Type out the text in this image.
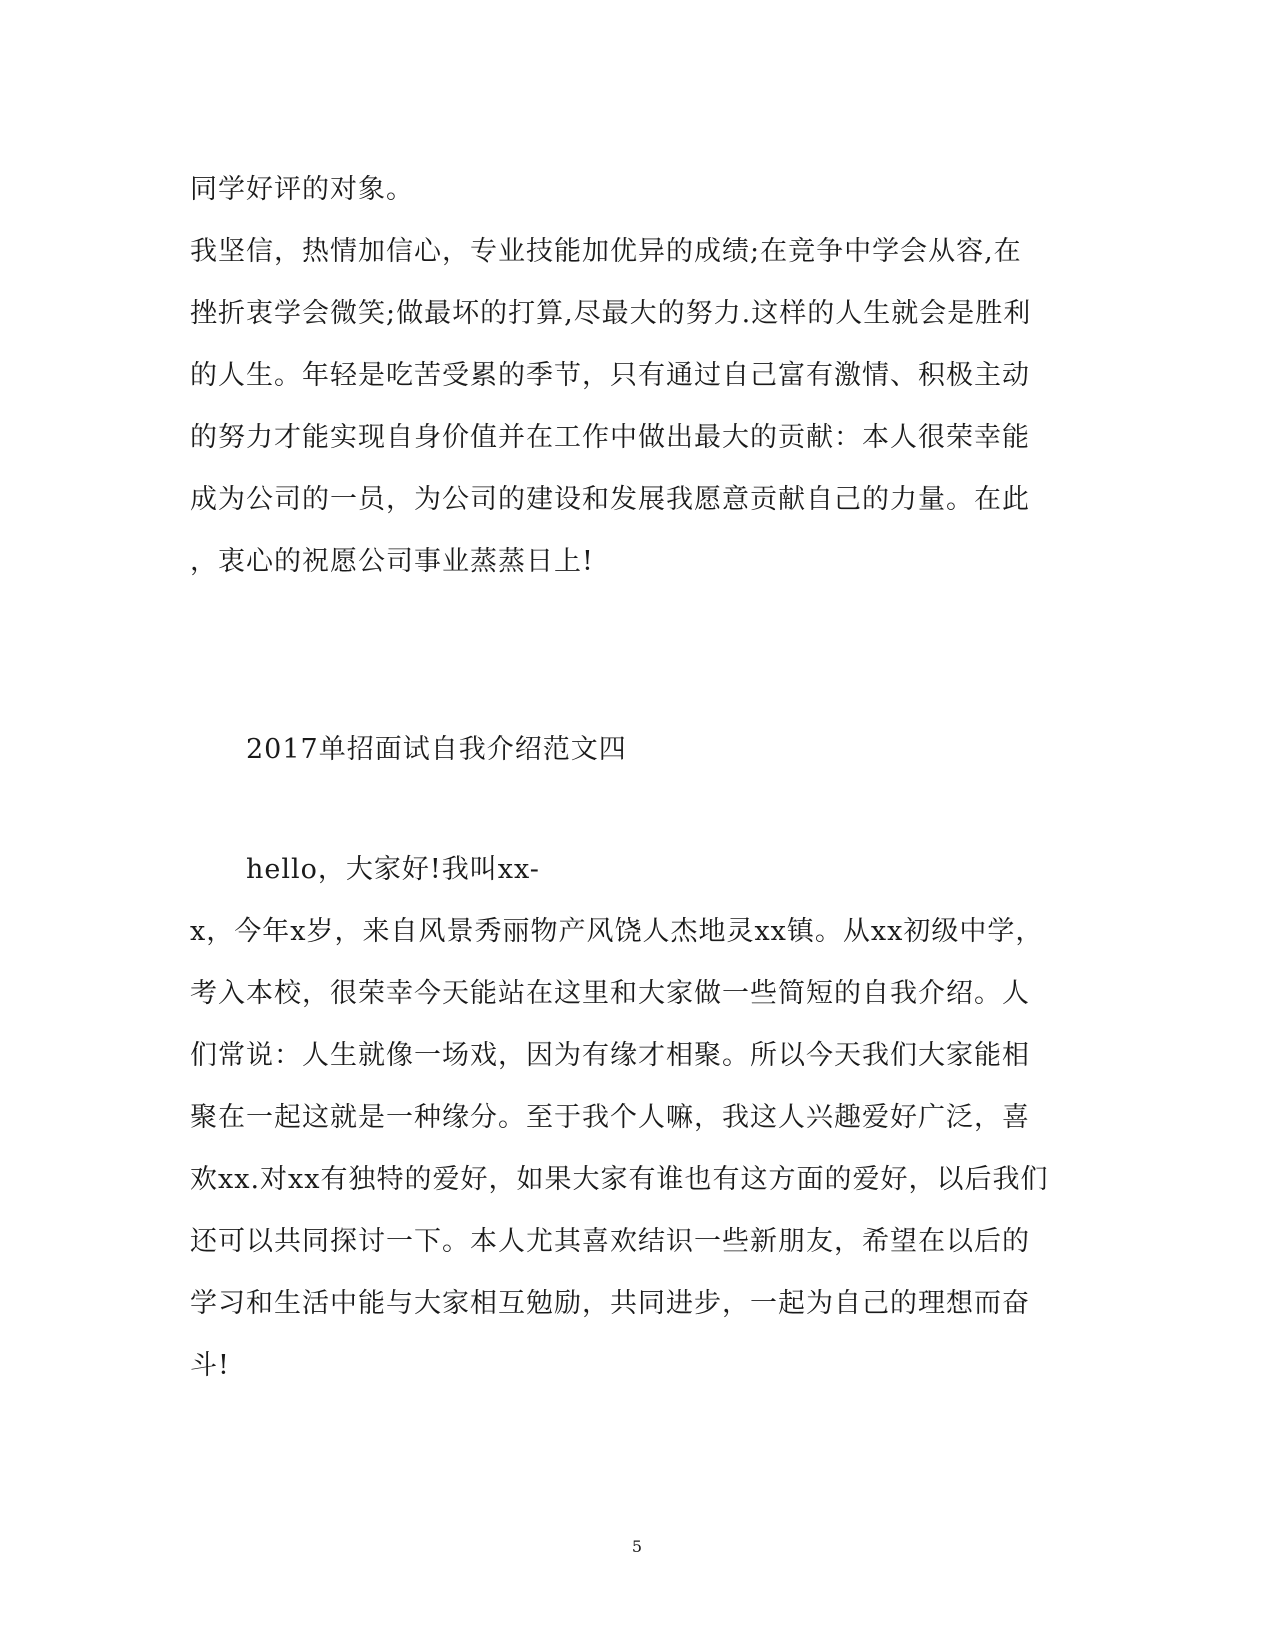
同学好评的对象。
我坚信，热情加信心，专业技能加优异的成绩;在竞争中学会从容,在
挫折衷学会微笑;做最坏的打算,尽最大的努力.这样的人生就会是胜利
的人生。年轻是吃苦受累的季节，只有通过自己富有激情、积极主动
的努力才能实现自身价值并在工作中做出最大的贡献：本人很荣幸能
成为公司的一员，为公司的建设和发展我愿意贡献自己的力量。在此
，衷心的祝愿公司事业蒸蒸日上!
2017单招面试自我介绍范文四
hello，大家好!我叫xx-
x，今年x岁，来自风景秀丽物产风饶人杰地灵xx镇。从xx初级中学，
考入本校，很荣幸今天能站在这里和大家做一些简短的自我介绍。人
们常说：人生就像一场戏，因为有缘才相聚。所以今天我们大家能相
聚在一起这就是一种缘分。至于我个人嘛，我这人兴趣爱好广泛，喜
欢xx.对xx有独特的爱好，如果大家有谁也有这方面的爱好，以后我们
还可以共同探讨一下。本人尤其喜欢结识一些新朋友，希望在以后的
学习和生活中能与大家相互勉励，共同进步，一起为自己的理想而奋
斗!
5
